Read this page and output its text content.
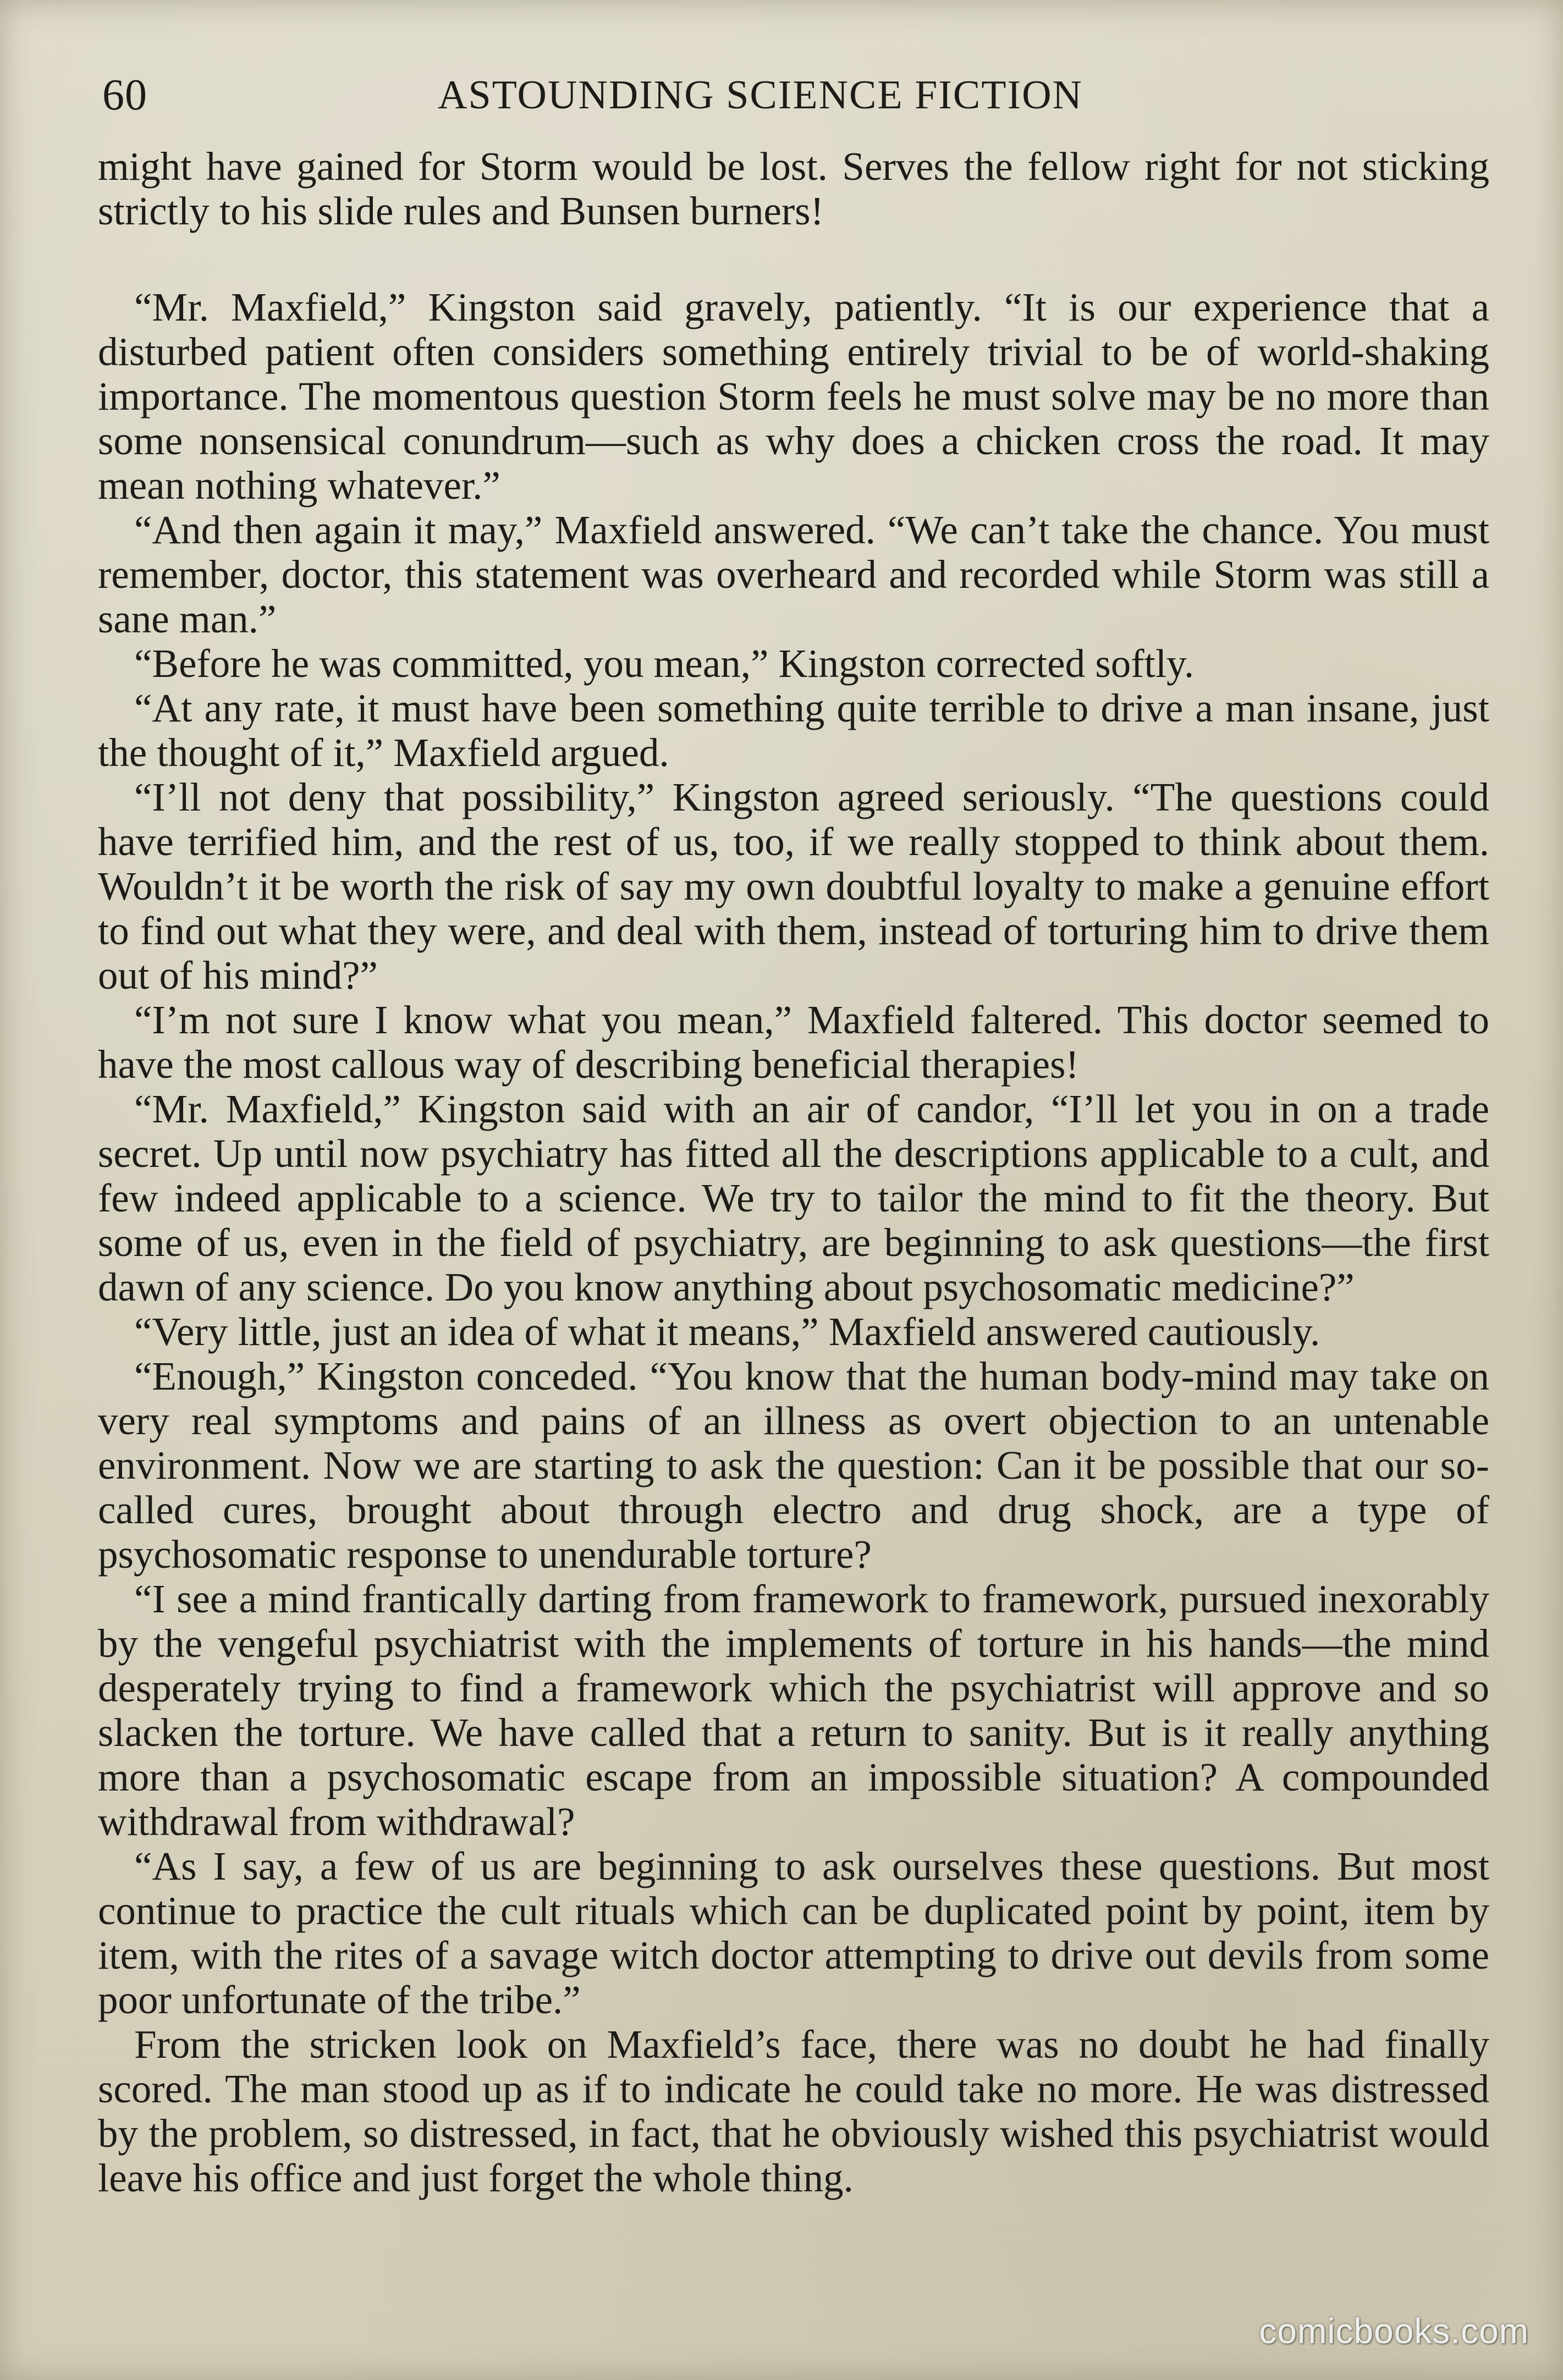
60	ASTOUNDING SCIENCE FICTION

might have gained for Storm would be lost. Serves the fellow right for not sticking strictly to his slide rules and Bunsen burners!

“Mr. Maxfield,” Kingston said gravely, patiently. “It is our experience that a disturbed patient often considers something entirely trivial to be of world-shaking importance. The momentous question Storm feels he must solve may be no more than some nonsensical conundrum—such as why does a chicken cross the road. It may mean nothing whatever.”

“And then again it may,” Maxfield answered. “We can’t take the chance. You must remember, doctor, this statement was overheard and recorded while Storm was still a sane man.”

“Before he was committed, you mean,” Kingston corrected softly.

“At any rate, it must have been something quite terrible to drive a man insane, just the thought of it,” Maxfield argued.

“I’ll not deny that possibility,” Kingston agreed seriously. “The questions could have terrified him, and the rest of us, too, if we really stopped to think about them. Wouldn’t it be worth the risk of say my own doubtful loyalty to make a genuine effort to find out what they were, and deal with them, instead of torturing him to drive them out of his mind?”

“I’m not sure I know what you mean,” Maxfield faltered. This doctor seemed to have the most callous way of describing beneficial therapies!

“Mr. Maxfield,” Kingston said with an air of candor, “I’ll let you in on a trade secret. Up until now psychiatry has fitted all the descriptions applicable to a cult, and few indeed applicable to a science. We try to tailor the mind to fit the theory. But some of us, even in the field of psychiatry, are beginning to ask questions—the first dawn of any science. Do you know anything about psychosomatic medicine?”

“Very little, just an idea of what it means,” Maxfield answered cautiously.

“Enough,” Kingston conceded. “You know that the human body-mind may take on very real symptoms and pains of an illness as overt objection to an untenable environment. Now we are starting to ask the question: Can it be possible that our so-called cures, brought about through electro and drug shock, are a type of psychosomatic response to unendurable torture?

“I see a mind frantically darting from framework to framework, pursued inexorably by the vengeful psychiatrist with the implements of torture in his hands—the mind desperately trying to find a framework which the psychiatrist will approve and so slacken the torture. We have called that a return to sanity. But is it really anything more than a psychosomatic escape from an impossible situation? A compounded withdrawal from withdrawal?

“As I say, a few of us are beginning to ask ourselves these questions. But most continue to practice the cult rituals which can be duplicated point by point, item by item, with the rites of a savage witch doctor attempting to drive out devils from some poor unfortunate of the tribe.”

From the stricken look on Maxfield’s face, there was no doubt he had finally scored. The man stood up as if to indicate he could take no more. He was distressed by the problem, so distressed, in fact, that he obviously wished this psychiatrist would leave his office and just forget the whole thing.

comicbooks.com
